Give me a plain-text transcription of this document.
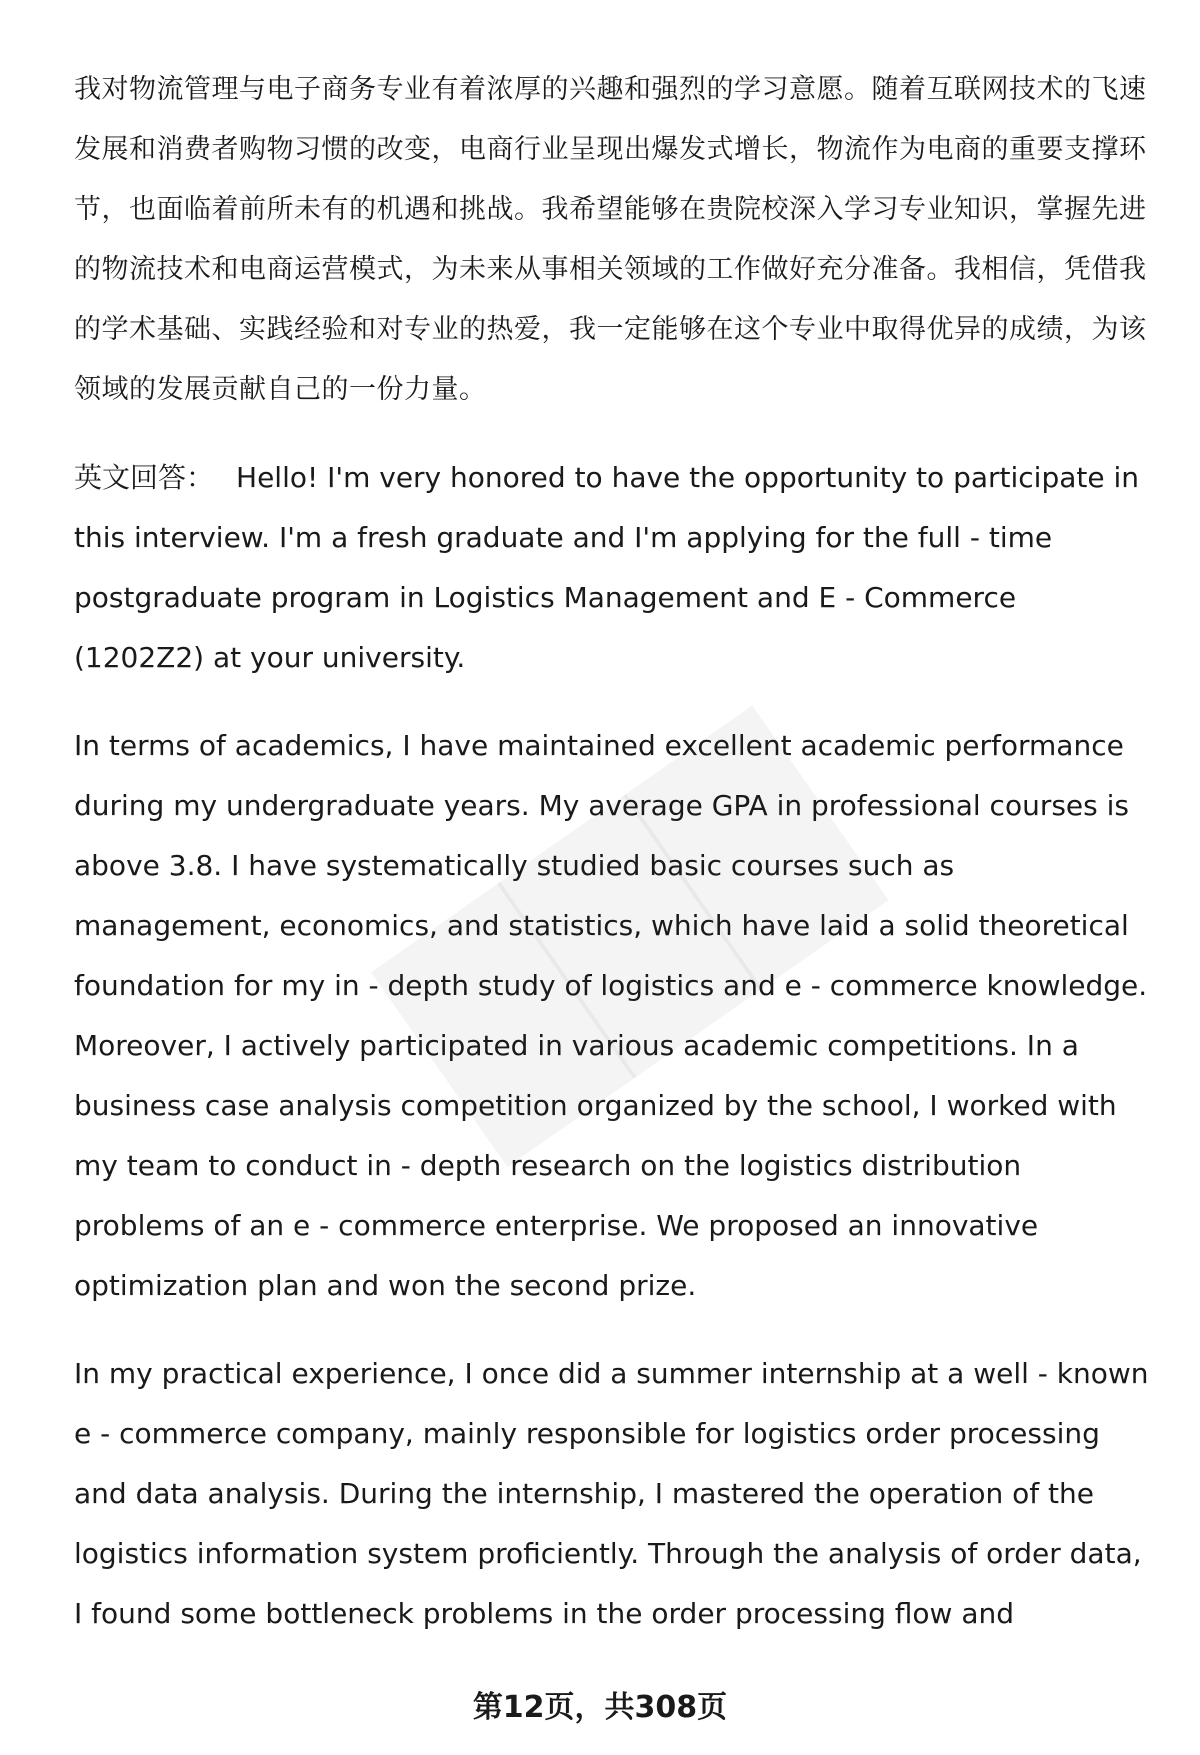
我对物流管理与电子商务专业有着浓厚的兴趣和强烈的学习意愿。随着互联网技术的飞速发展和消费者购物习惯的改变，电商行业呈现出爆发式增长，物流作为电商的重要支撑环节，也面临着前所未有的机遇和挑战。我希望能够在贵院校深入学习专业知识，掌握先进的物流技术和电商运营模式，为未来从事相关领域的工作做好充分准备。我相信，凭借我的学术基础、实践经验和对专业的热爱，我一定能够在这个专业中取得优异的成绩，为该领域的发展贡献自己的一份力量。

英文回答： Hello! I'm very honored to have the opportunity to participate in this interview. I'm a fresh graduate and I'm applying for the full - time postgraduate program in Logistics Management and E - Commerce (1202Z2) at your university.

In terms of academics, I have maintained excellent academic performance during my undergraduate years. My average GPA in professional courses is above 3.8. I have systematically studied basic courses such as management, economics, and statistics, which have laid a solid theoretical foundation for my in - depth study of logistics and e - commerce knowledge. Moreover, I actively participated in various academic competitions. In a business case analysis competition organized by the school, I worked with my team to conduct in - depth research on the logistics distribution problems of an e - commerce enterprise. We proposed an innovative optimization plan and won the second prize.

In my practical experience, I once did a summer internship at a well - known e - commerce company, mainly responsible for logistics order processing and data analysis. During the internship, I mastered the operation of the logistics information system proficiently. Through the analysis of order data, I found some bottleneck problems in the order processing flow and

第12页，共308页
